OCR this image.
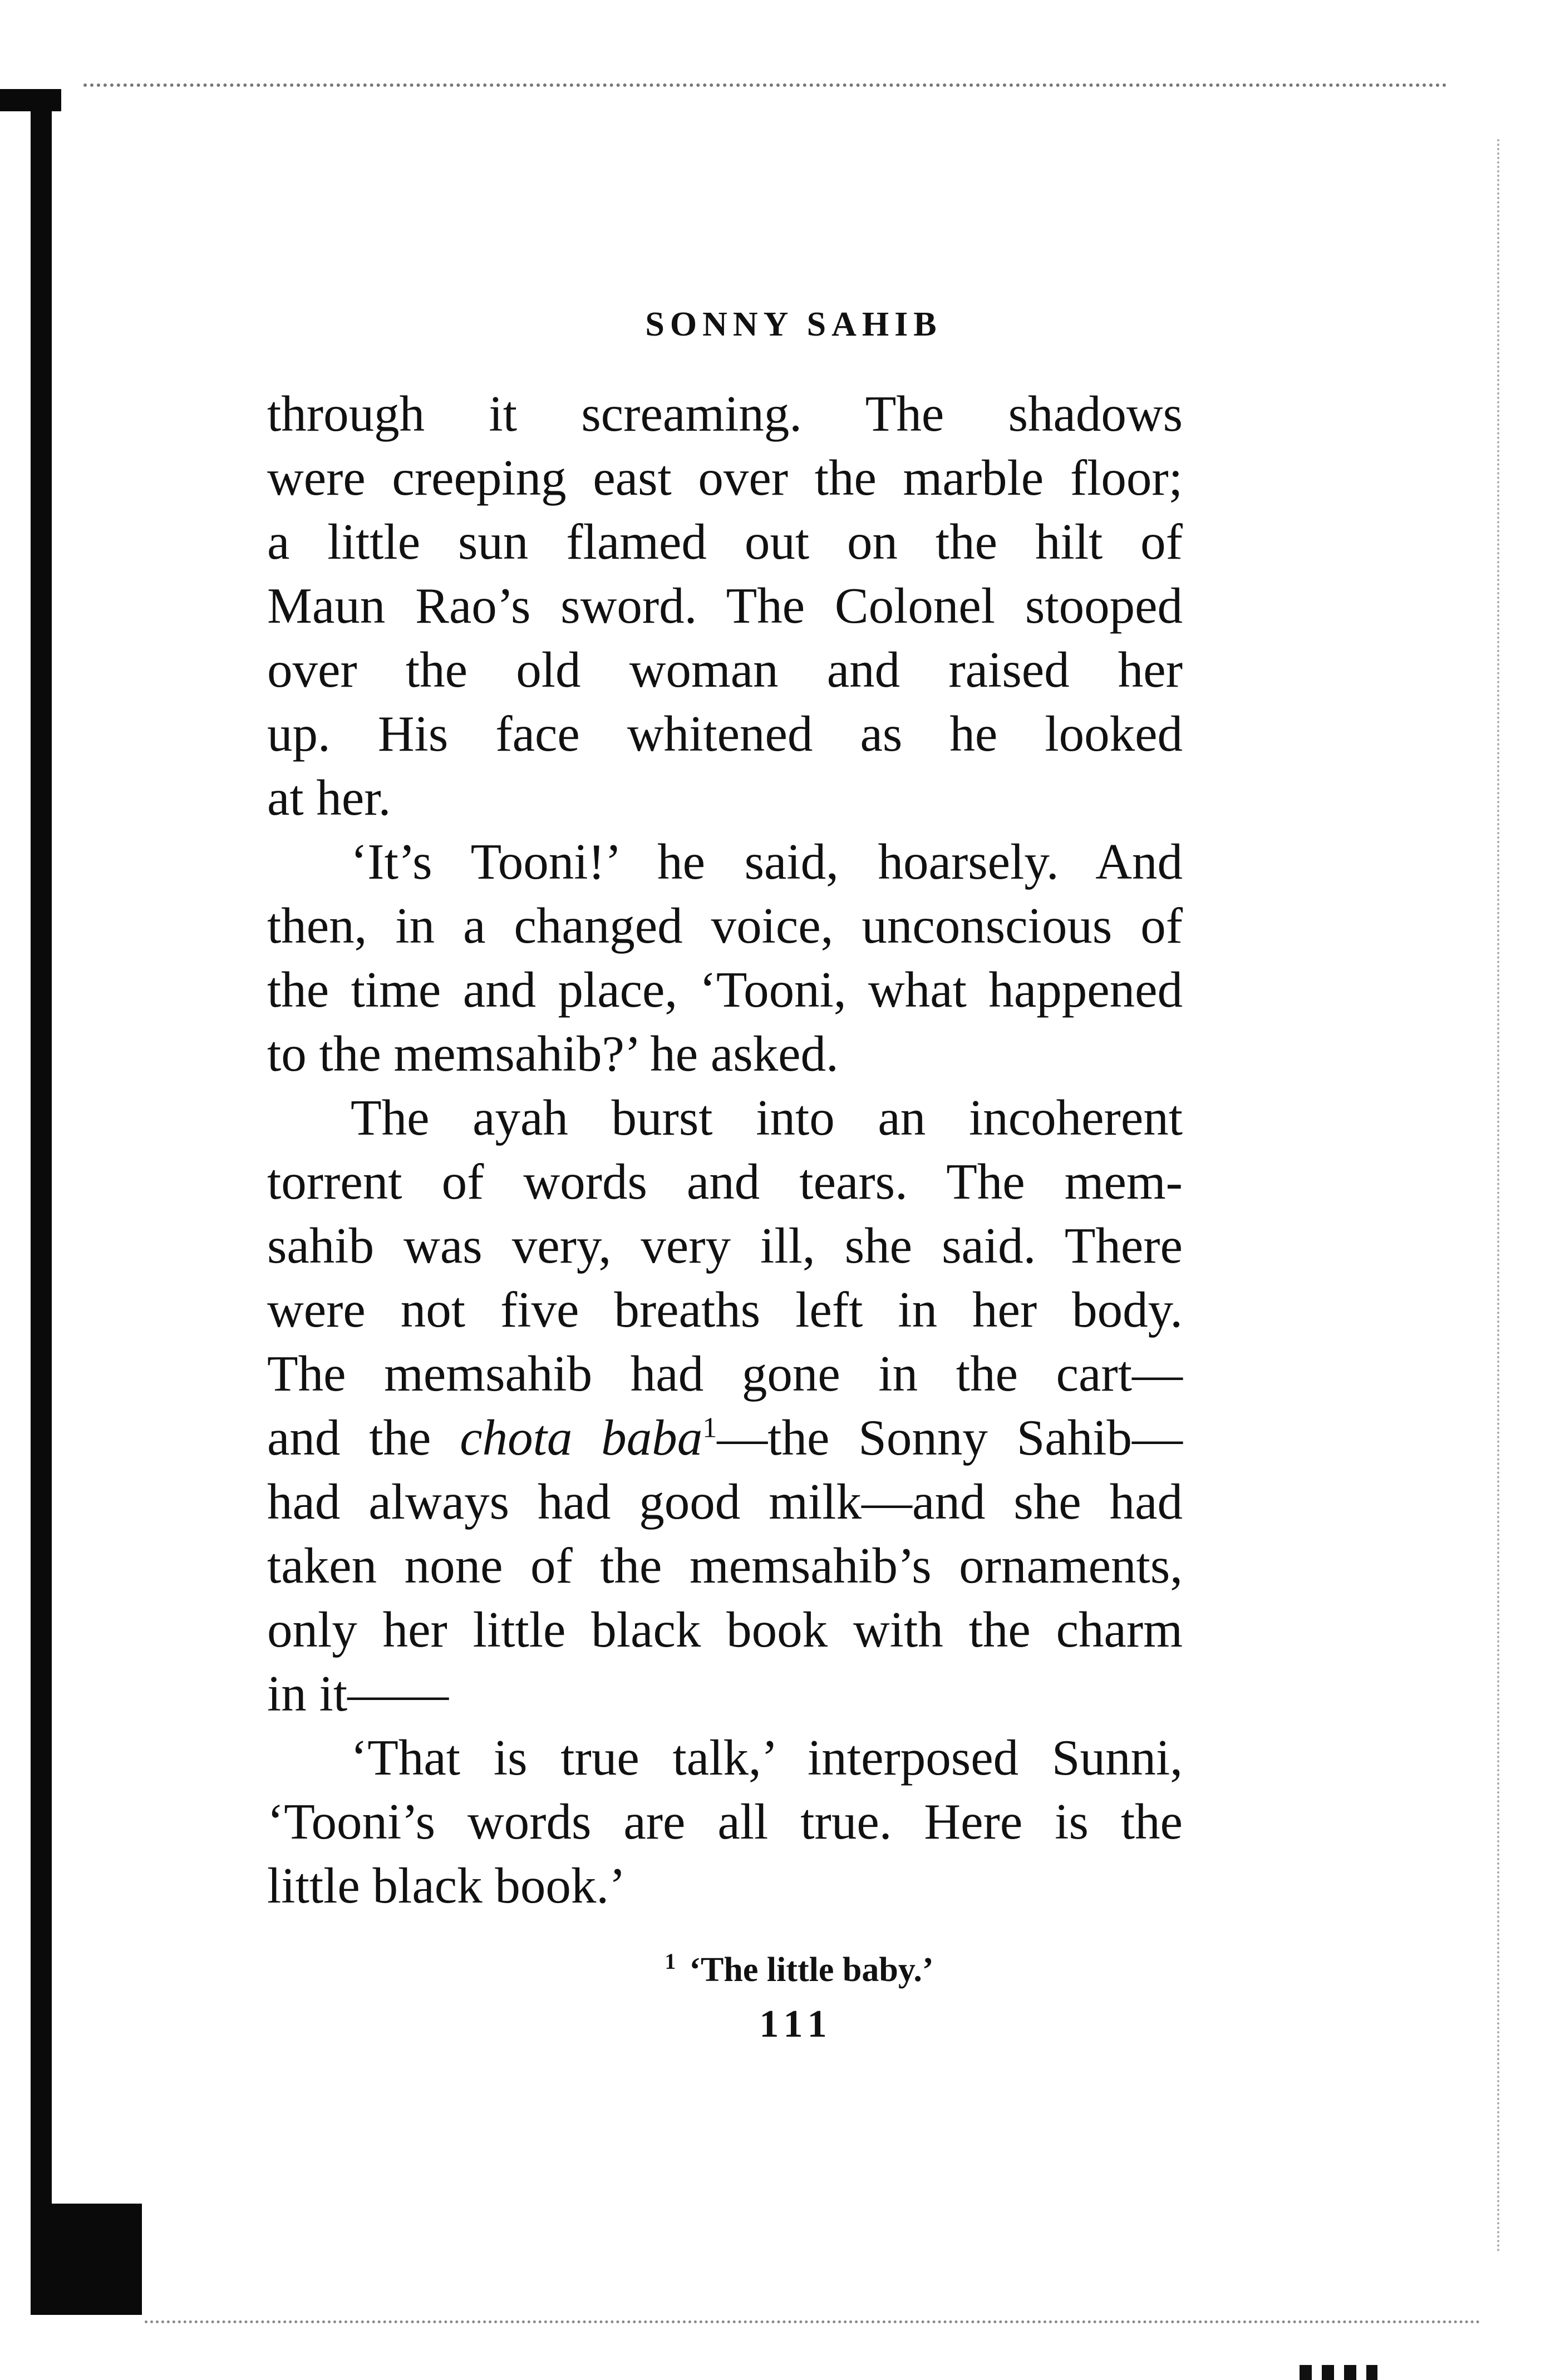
SONNY SAHIB
through it screaming. The shadows
were creeping east over the marble floor;
a little sun flamed out on the hilt of
Maun Rao’s sword. The Colonel stooped
over the old woman and raised her
up. His face whitened as he looked
at her.
‘It’s Tooni!’ he said, hoarsely. And
then, in a changed voice, unconscious of
the time and place, ‘Tooni, what happened
to the memsahib?’ he asked.
The ayah burst into an incoherent
torrent of words and tears. The mem-
sahib was very, very ill, she said. There
were not five breaths left in her body.
The memsahib had gone in the cart—
and the chota baba$^1$—the Sonny Sahib—
had always had good milk—and she had
taken none of the memsahib’s ornaments,
only her little black book with the charm
in it——
‘That is true talk,’ interposed Sunni,
‘Tooni’s words are all true. Here is the
little black book.’
$^1$ ‘The little baby.’
111
